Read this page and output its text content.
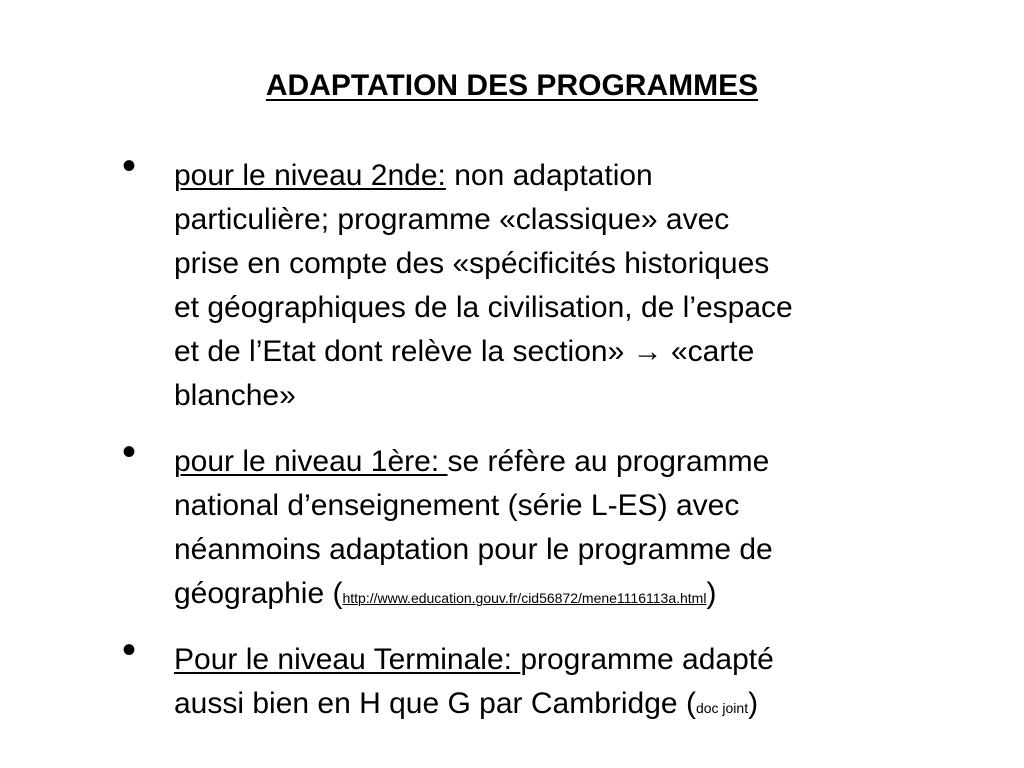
ADAPTATION DES PROGRAMMES
•	pour le niveau 2nde: non adaptation
particulière; programme «classique» avec
prise en compte des «spécificités historiques
et géographiques de la civilisation, de l’espace
et de l’Etat dont relève la section» → «carte
blanche»

•	pour le niveau 1ère: se réfère au programme
national d’enseignement (série L-ES) avec
néanmoins adaptation pour le programme de
géographie (http://www.education.gouv.fr/cid56872/mene1116113a.html)

•	Pour le niveau Terminale: programme adapté
aussi bien en H que G par Cambridge (doc joint)
